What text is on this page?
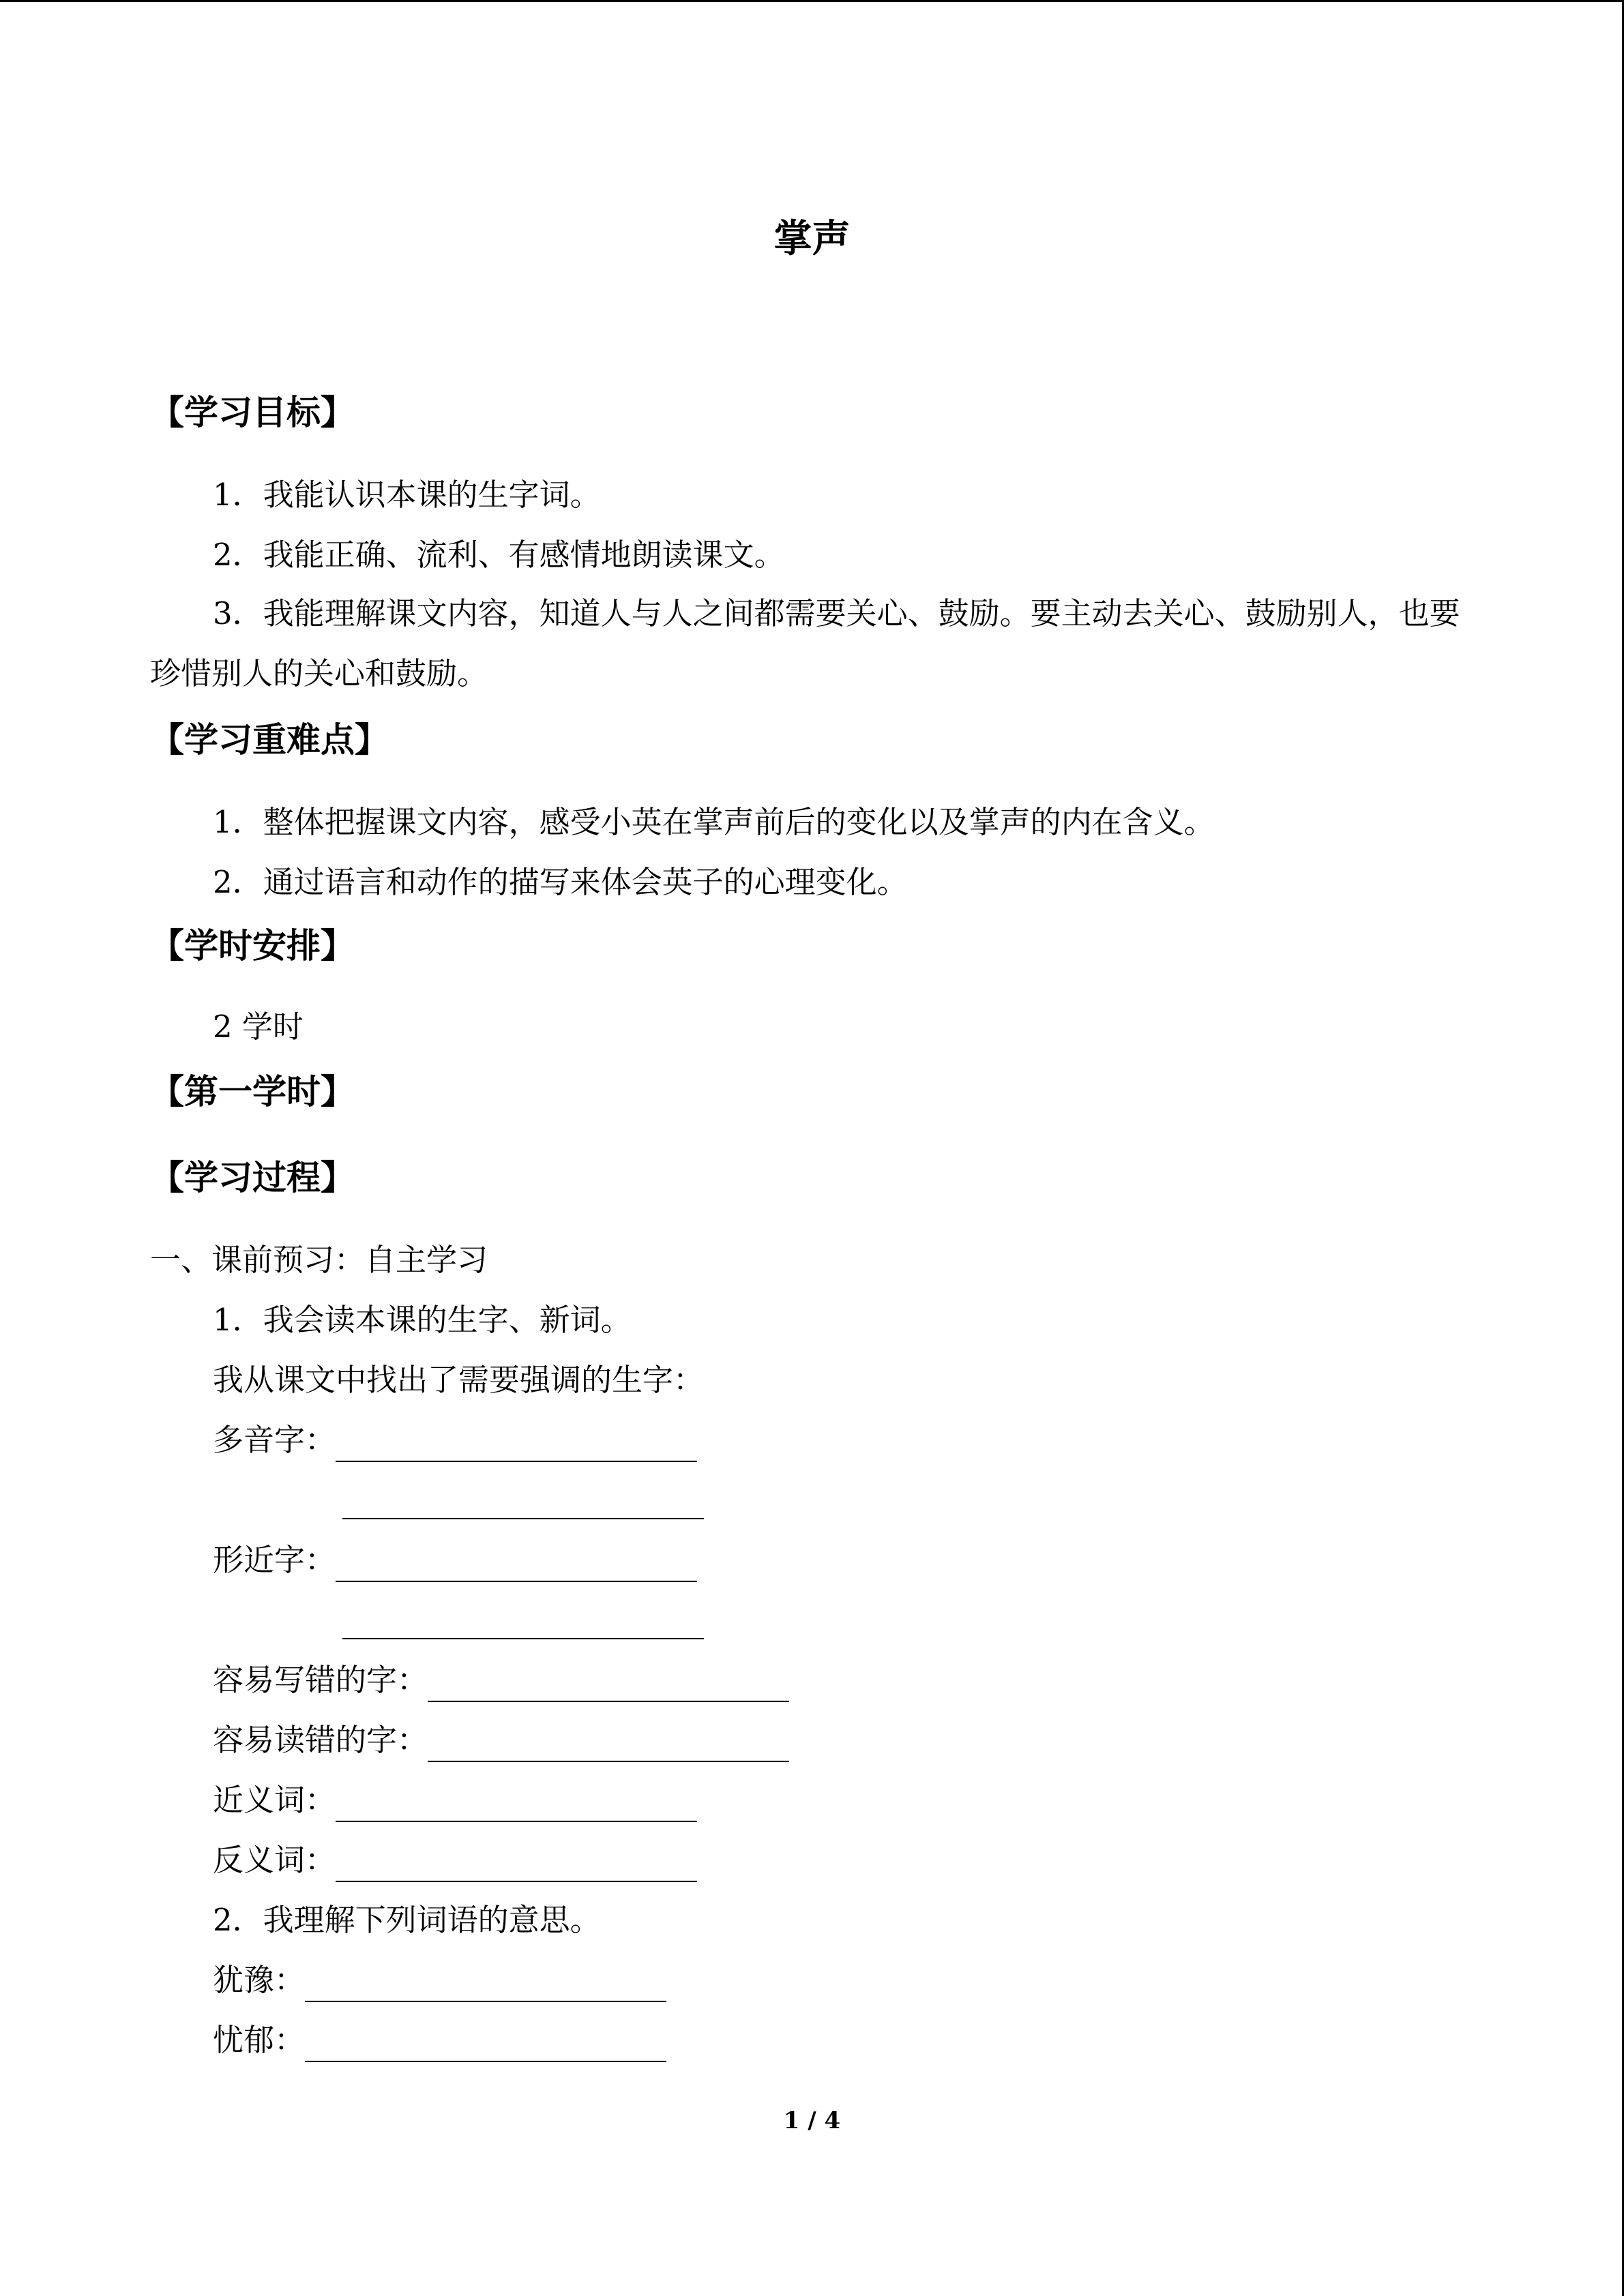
掌声
【学习目标】
1．我能认识本课的生字词。
2．我能正确、流利、有感情地朗读课文。
3．我能理解课文内容，知道人与人之间都需要关心、鼓励。要主动去关心、鼓励别人，也要珍惜别人的关心和鼓励。
【学习重难点】
1．整体把握课文内容，感受小英在掌声前后的变化以及掌声的内在含义。
2．通过语言和动作的描写来体会英子的心理变化。
【学时安排】
2 学时
【第一学时】
【学习过程】
一、课前预习：自主学习
1．我会读本课的生字、新词。
我从课文中找出了需要强调的生字：
多音字：
形近字：
容易写错的字：
容易读错的字：
近义词：
反义词：
2．我理解下列词语的意思。
犹豫：
忧郁：
1 / 4
